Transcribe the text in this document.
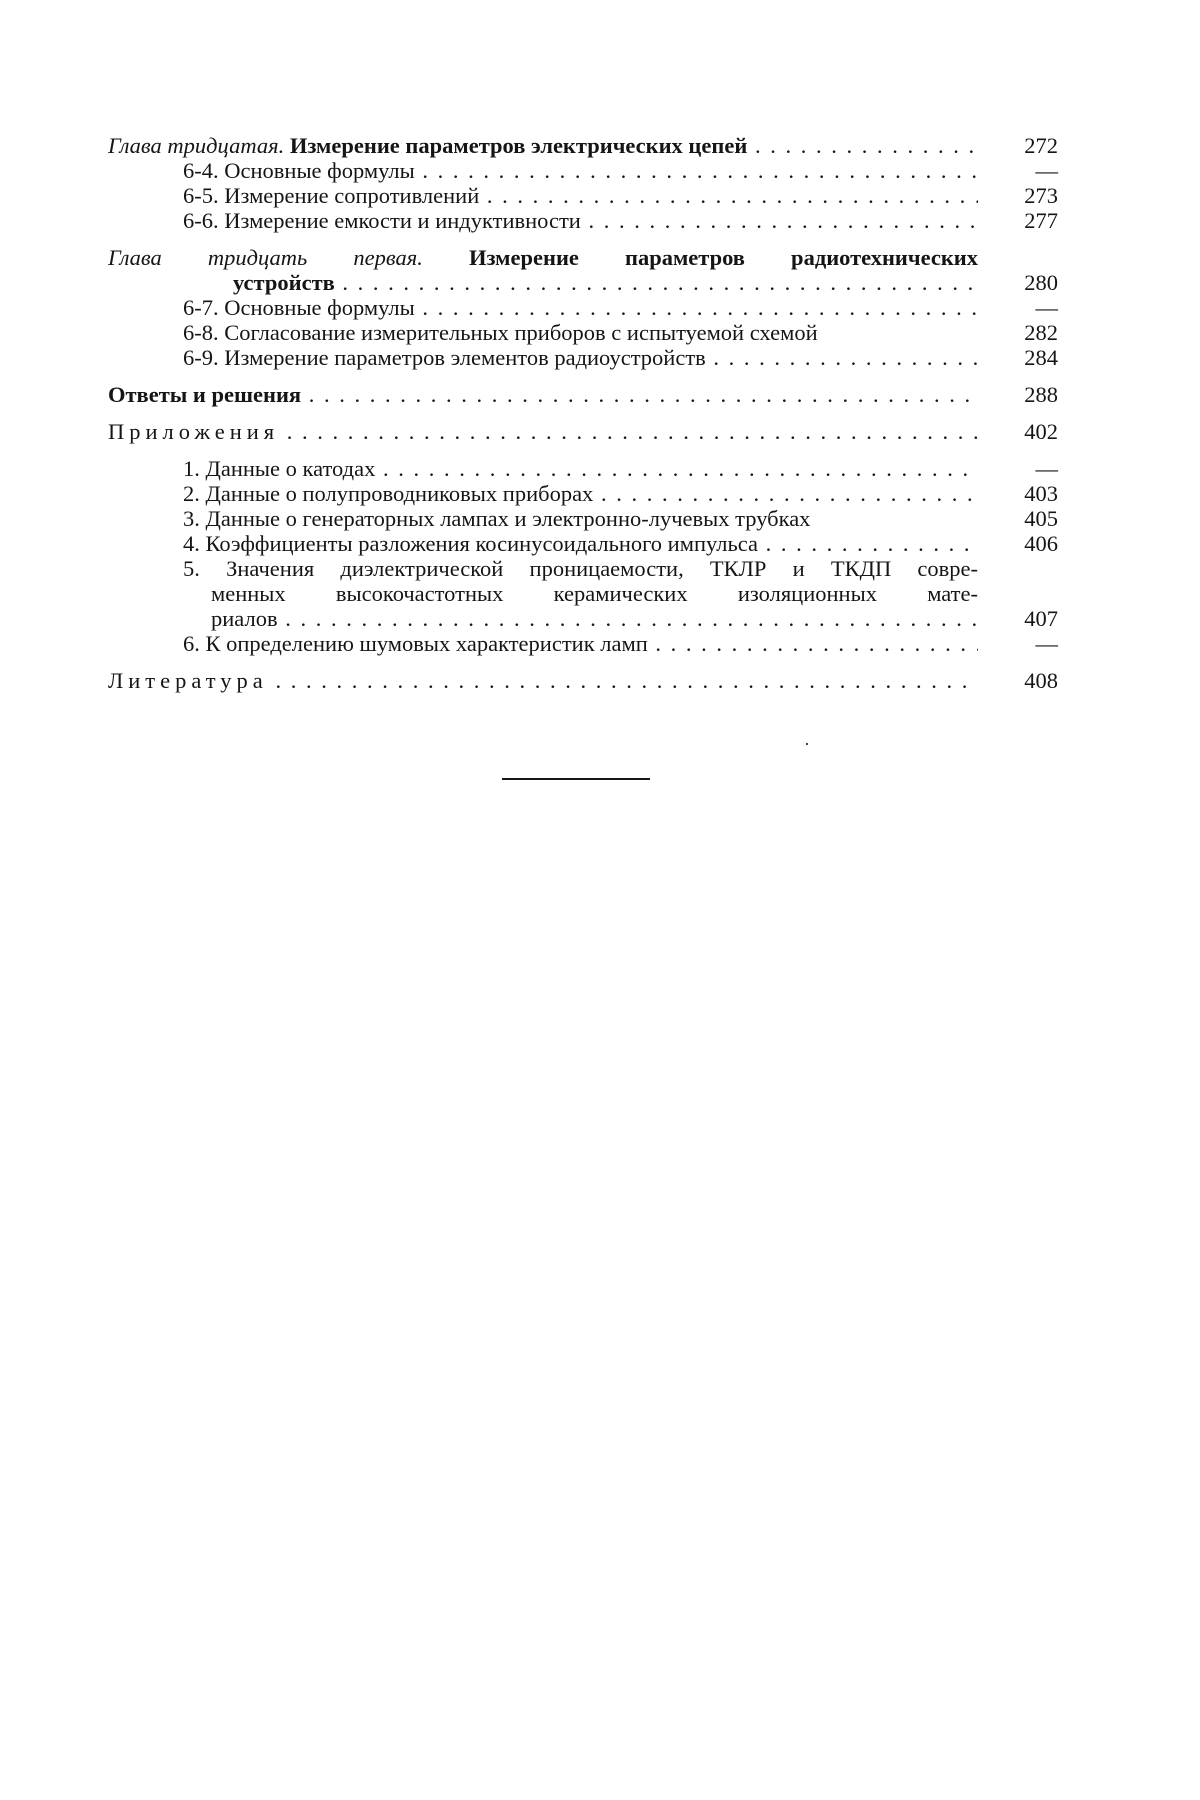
Глава тридцатая. Измерение параметров электрических цепей . . .	272
6-4. Основные формулы . . .	—
6-5. Измерение сопротивлений . . .	273
6-6. Измерение емкости и индуктивности . . .	277
Глава тридцать первая. Измерение параметров радиотехнических
устройств . . .	280
6-7. Основные формулы . . .	—
6-8. Согласование измерительных приборов с испытуемой схемой	282
6-9. Измерение параметров элементов радиоустройств . . .	284
Ответы и решения . . .	288
Приложения . . .	402
1. Данные о катодах . . .	—
2. Данные о полупроводниковых приборах . . .	403
3. Данные о генераторных лампах и электронно-лучевых трубках	405
4. Коэффициенты разложения косинусоидального импульса . . .	406
5. Значения диэлектрической проницаемости, ТКЛР и ТКДП совре-
менных высокочастотных керамических изоляционных мате-
риалов . . .	407
6. К определению шумовых характеристик ламп . . .	—
Литература . . .	408
